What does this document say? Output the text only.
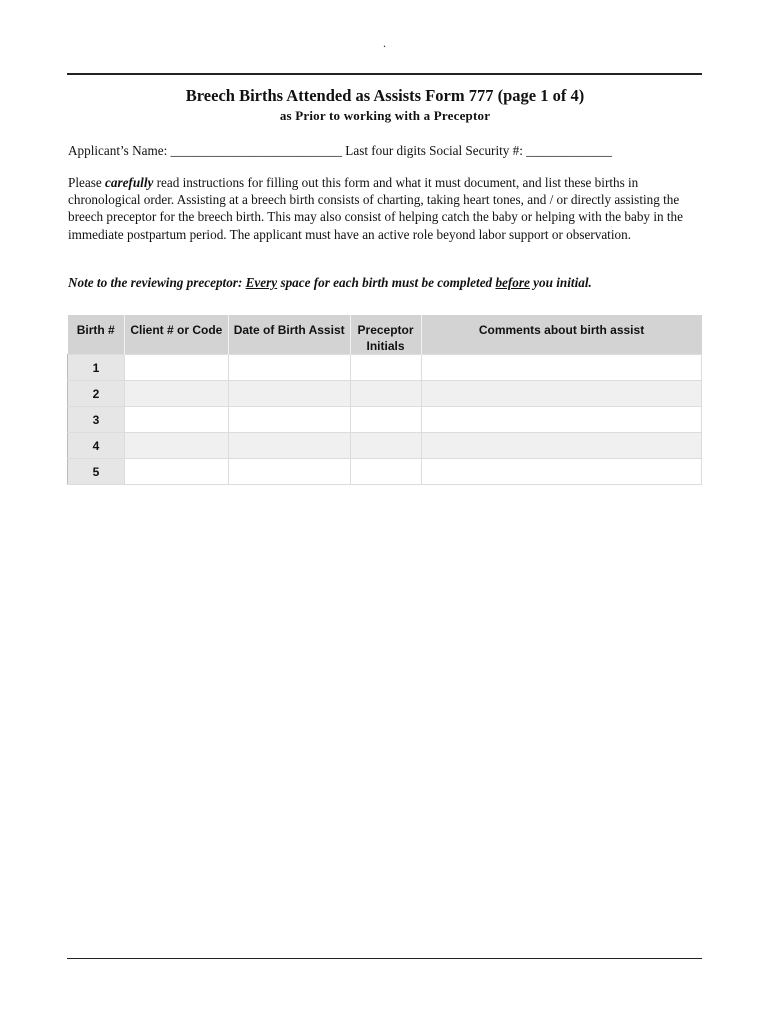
.
Breech Births Attended as Assists Form 777 (page 1 of 4)
as Prior to working with a Preceptor
Applicant’s Name: __________________________ Last four digits Social Security #: _____________
Please carefully read instructions for filling out this form and what it must document, and list these births in chronological order. Assisting at a breech birth consists of charting, taking heart tones, and / or directly assisting the breech preceptor for the breech birth. This may also consist of helping catch the baby or helping with the baby in the immediate postpartum period. The applicant must have an active role beyond labor support or observation.
Note to the reviewing preceptor: Every space for each birth must be completed before you initial.
Birth #	Client # or Code	Date of Birth Assist	Preceptor Initials	Comments about birth assist
1				
2				
3				
4				
5				
